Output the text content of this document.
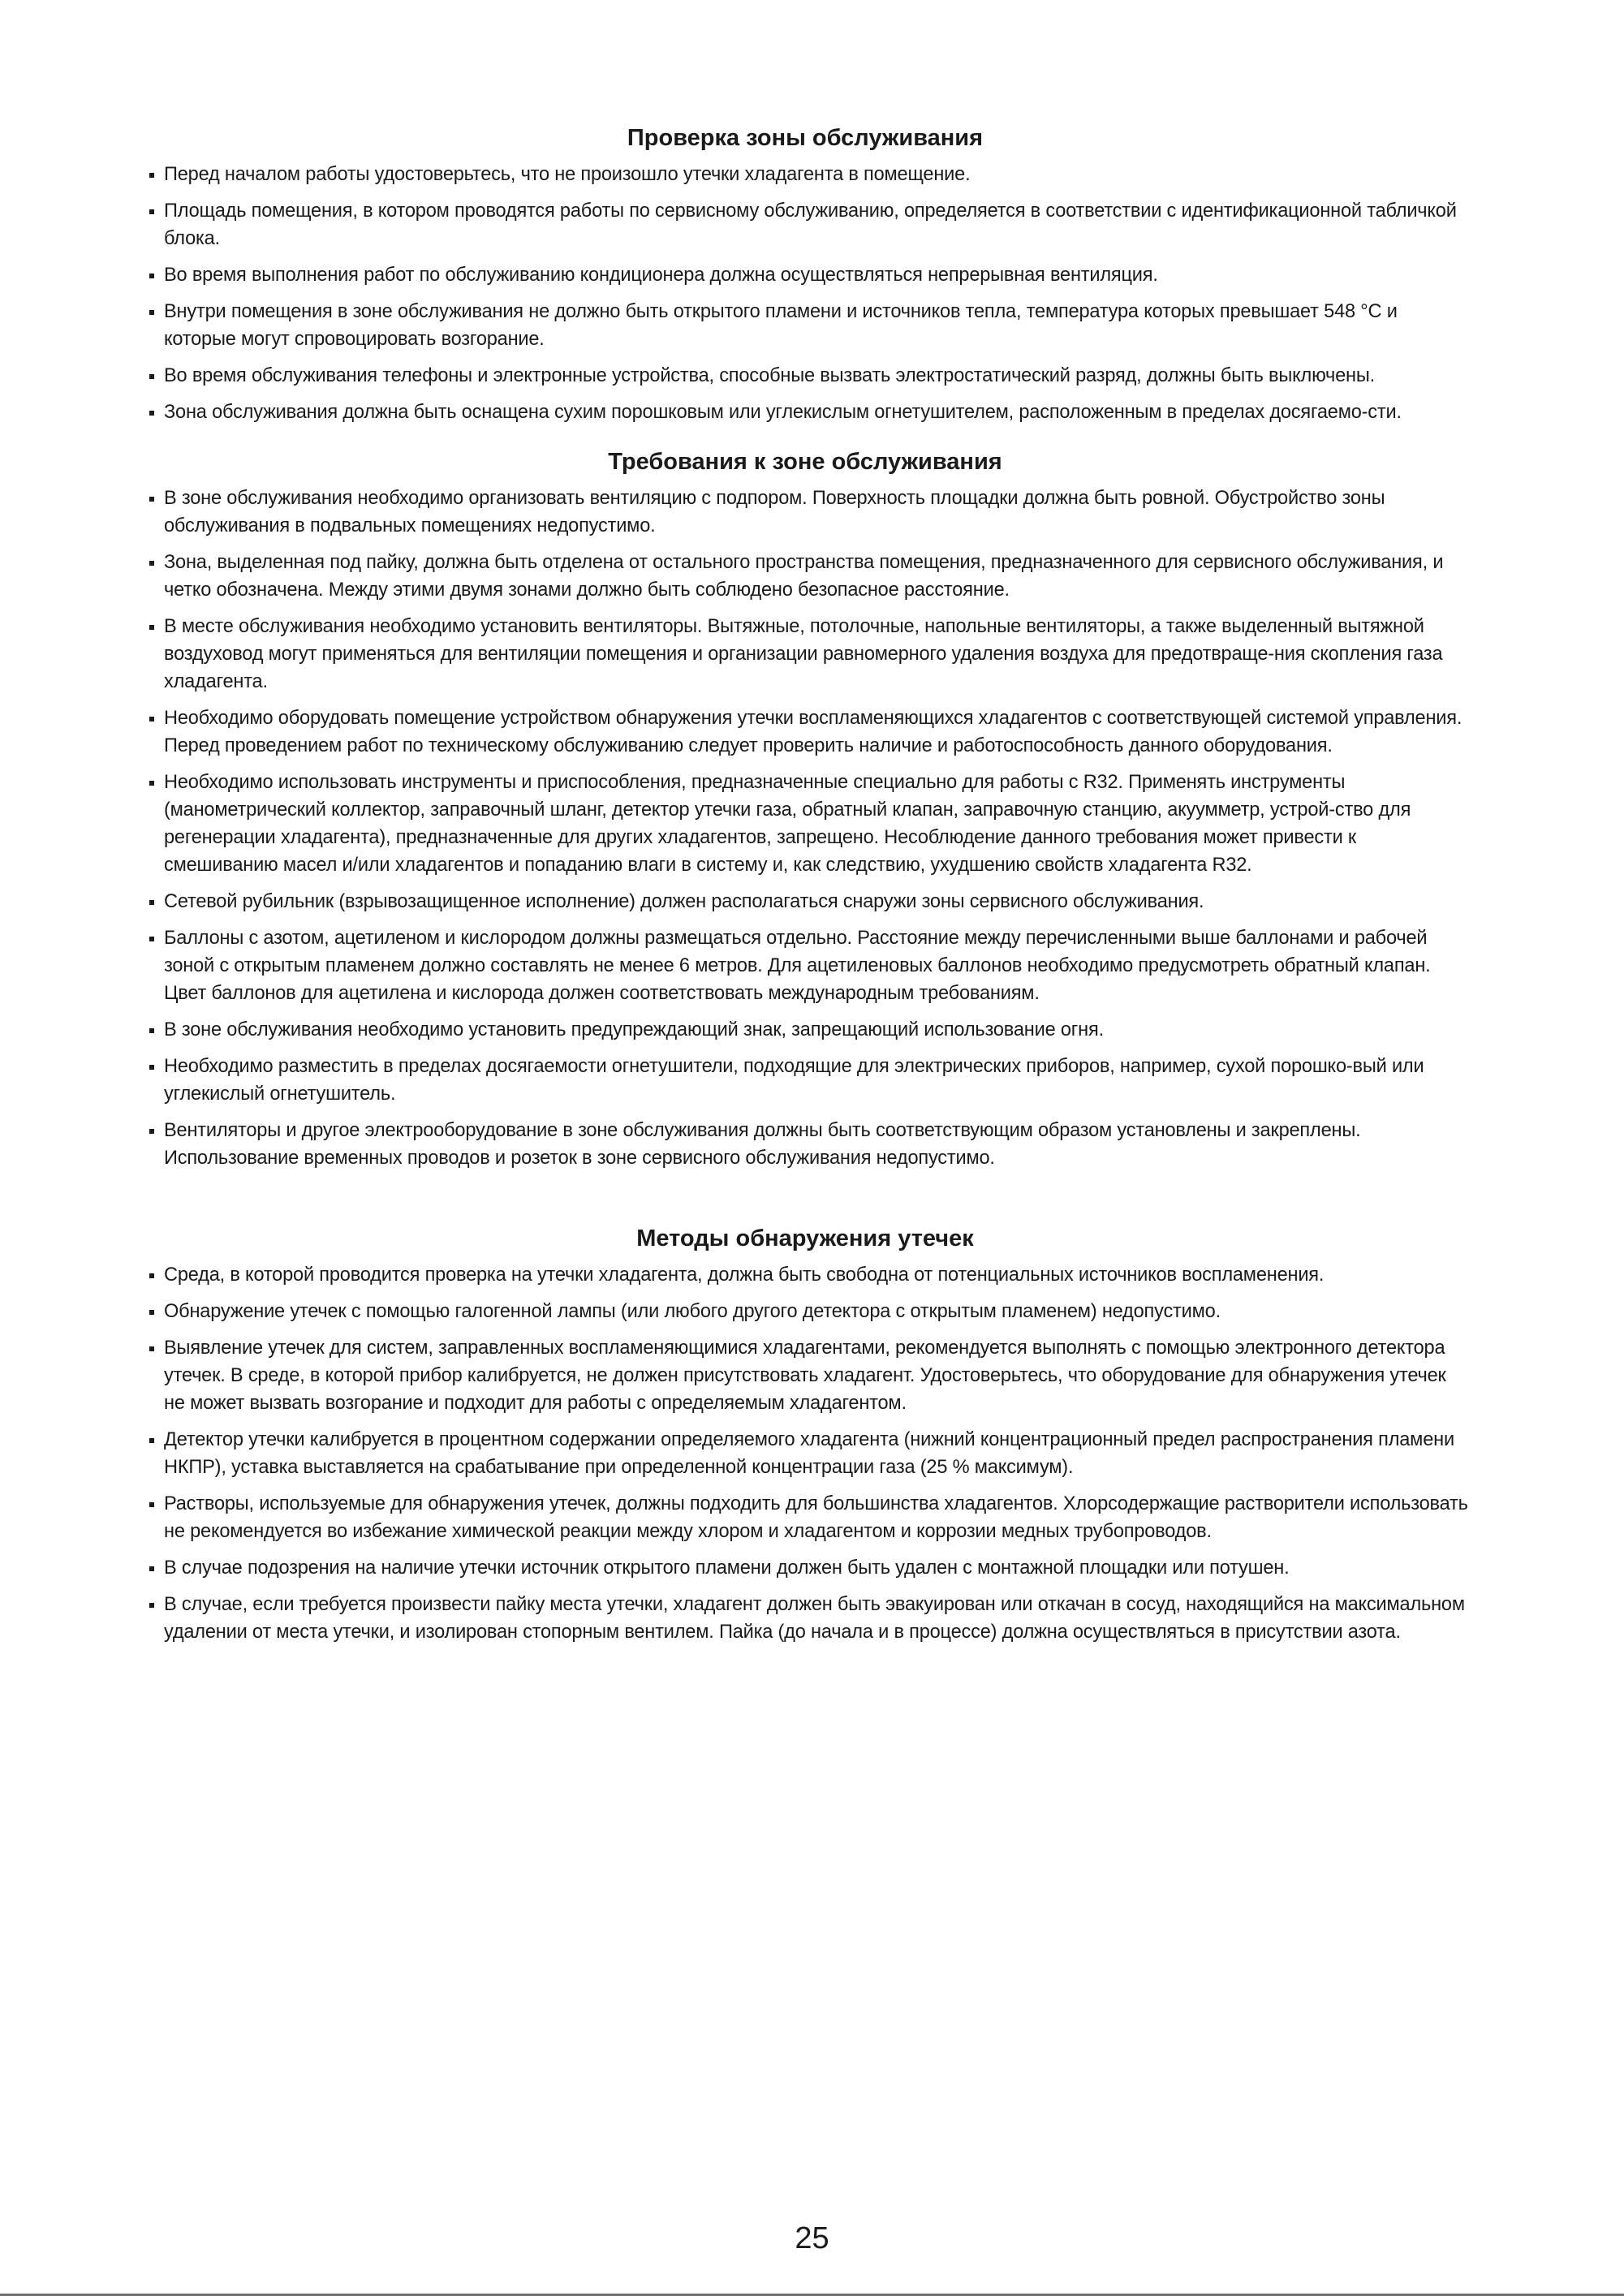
Проверка зоны обслуживания
Перед началом работы удостоверьтесь, что не произошло утечки хладагента в помещение.
Площадь помещения, в котором проводятся работы по сервисному обслуживанию, определяется в соответствии с идентификационной табличкой блока.
Во время выполнения работ по обслуживанию кондиционера должна осуществляться непрерывная вентиляция.
Внутри помещения в зоне обслуживания не должно быть открытого пламени и источников тепла, температура которых превышает 548 °C и которые могут спровоцировать возгорание.
Во время обслуживания телефоны и электронные устройства, способные вызвать электростатический разряд, должны быть выключены.
Зона обслуживания должна быть оснащена сухим порошковым или углекислым огнетушителем, расположенным в пределах досягаемо-сти.
Требования к зоне обслуживания
В зоне обслуживания необходимо организовать вентиляцию с подпором. Поверхность площадки должна быть ровной. Обустройство зоны обслуживания в подвальных помещениях недопустимо.
Зона, выделенная под пайку, должна быть отделена от остального пространства помещения, предназначенного для сервисного обслуживания, и четко обозначена. Между этими двумя зонами должно быть соблюдено безопасное расстояние.
В месте обслуживания необходимо установить вентиляторы. Вытяжные, потолочные, напольные вентиляторы, а также выделенный вытяжной воздуховод могут применяться для вентиляции помещения и организации равномерного удаления воздуха для предотвраще-ния скопления газа хладагента.
Необходимо оборудовать помещение устройством обнаружения утечки воспламеняющихся хладагентов с соответствующей системой управления. Перед проведением работ по техническому обслуживанию следует проверить наличие и работоспособность данного оборудования.
Необходимо использовать инструменты и приспособления, предназначенные специально для работы с R32. Применять инструменты (манометрический коллектор, заправочный шланг, детектор утечки газа, обратный клапан, заправочную станцию, акуумметр, устрой-ство для регенерации хладагента), предназначенные для других хладагентов, запрещено. Несоблюдение данного требования может привести к смешиванию масел и/или хладагентов и попаданию влаги в систему и, как следствию, ухудшению свойств хладагента R32.
Сетевой рубильник (взрывозащищенное исполнение) должен располагаться снаружи зоны сервисного обслуживания.
Баллоны с азотом, ацетиленом и кислородом должны размещаться отдельно. Расстояние между перечисленными выше баллонами и рабочей зоной с открытым пламенем должно составлять не менее 6 метров. Для ацетиленовых баллонов необходимо предусмотреть обратный клапан. Цвет баллонов для ацетилена и кислорода должен соответствовать международным требованиям.
В зоне обслуживания необходимо установить предупреждающий знак, запрещающий использование огня.
Необходимо разместить в пределах досягаемости огнетушители, подходящие для электрических приборов, например, сухой порошко-вый или углекислый огнетушитель.
Вентиляторы и другое электрооборудование в зоне обслуживания должны быть соответствующим образом установлены и закреплены. Использование временных проводов и розеток в зоне сервисного обслуживания недопустимо.
Методы обнаружения утечек
Среда, в которой проводится проверка на утечки хладагента, должна быть свободна от потенциальных источников воспламенения.
Обнаружение утечек с помощью галогенной лампы (или любого другого детектора с открытым пламенем) недопустимо.
Выявление утечек для систем, заправленных воспламеняющимися хладагентами, рекомендуется выполнять с помощью электронного детектора утечек. В среде, в которой прибор калибруется, не должен присутствовать хладагент. Удостоверьтесь, что оборудование для обнаружения утечек не может вызвать возгорание и подходит для работы с определяемым хладагентом.
Детектор утечки калибруется в процентном содержании определяемого хладагента (нижний концентрационный предел распространения пламени НКПР), уставка выставляется на срабатывание при определенной концентрации газа (25 % максимум).
Растворы, используемые для обнаружения утечек, должны подходить для большинства хладагентов. Хлорсодержащие растворители использовать не рекомендуется во избежание химической реакции между хлором и хладагентом и коррозии медных трубопроводов.
В случае подозрения на наличие утечки источник открытого пламени должен быть удален с монтажной площадки или потушен.
В случае, если требуется произвести пайку места утечки, хладагент должен быть эвакуирован или откачан в сосуд, находящийся на максимальном удалении от места утечки, и изолирован стопорным вентилем. Пайка (до начала и в процессе) должна осуществляться в присутствии азота.
25
